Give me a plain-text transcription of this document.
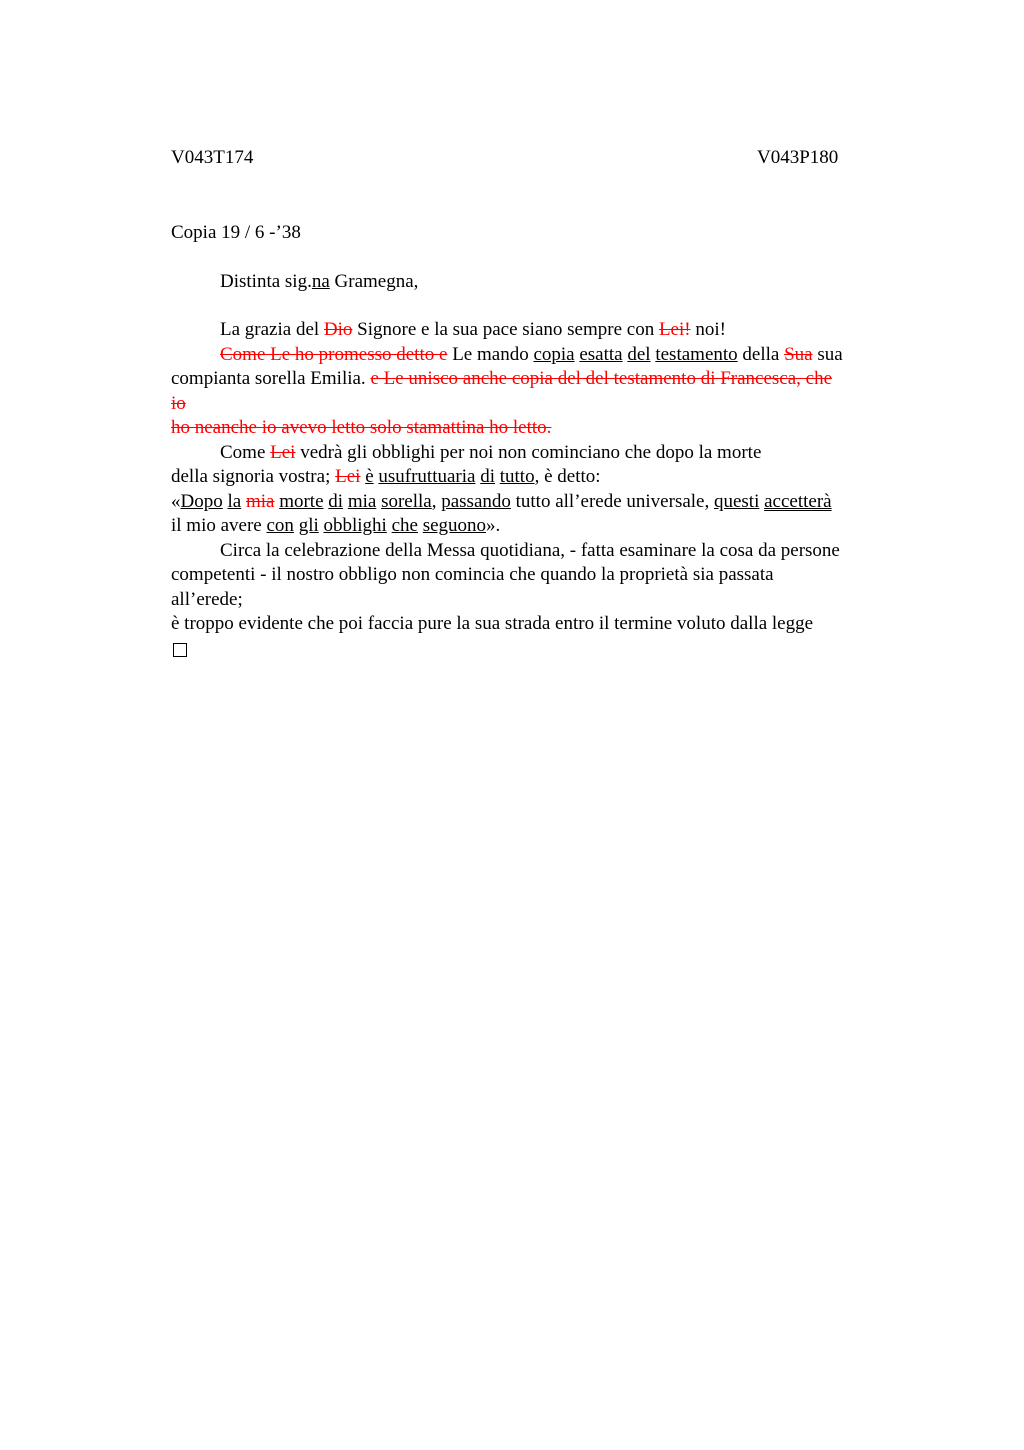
V043T174	V043P180
Copia 19 / 6 -’38
Distinta sig.na Gramegna,
La grazia del Dio Signore e la sua pace siano sempre con Lei! noi!
Come Le ho promesso detto e Le mando copia esatta del testamento della Sua sua
compianta sorella Emilia. e Le unisco anche copia del del testamento di Francesca, che
io
ho neanche io avevo letto solo stamattina ho letto.
Come Lei vedrà gli obblighi per noi non cominciano che dopo la morte
della signoria vostra; Lei è usufruttuaria di tutto, è detto:
«Dopo la mia morte di mia sorella, passando tutto all’erede universale, questi accetterà
il mio avere con gli obblighi che seguono».
Circa la celebrazione della Messa quotidiana, - fatta esaminare la cosa da persone
competenti - il nostro obbligo non comincia che quando la proprietà sia passata
all’erede;
è troppo evidente che poi faccia pure la sua strada entro il termine voluto dalla legge
